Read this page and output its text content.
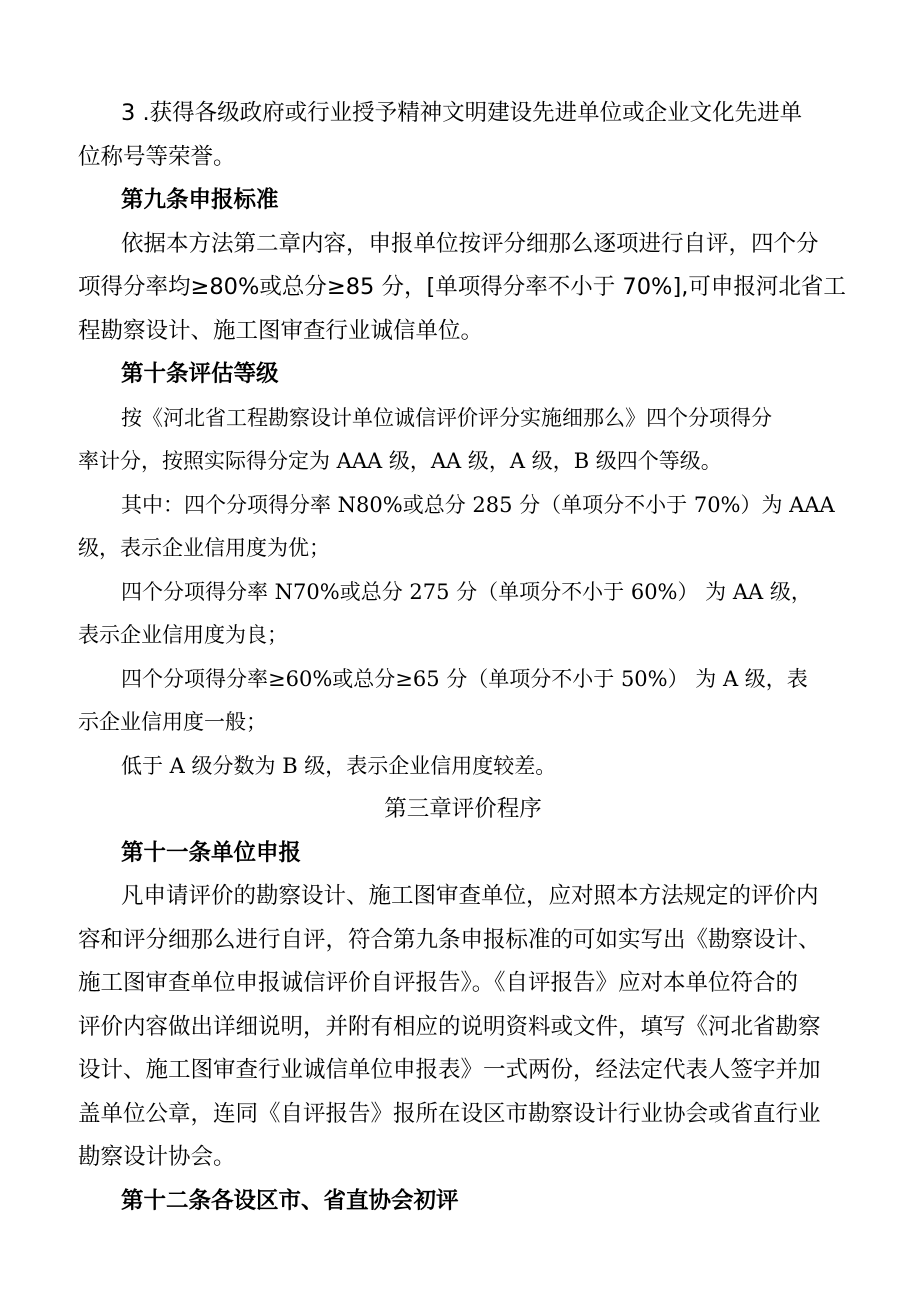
3 .获得各级政府或行业授予精神文明建设先进单位或企业文化先进单
位称号等荣誉。
第九条申报标准
依据本方法第二章内容，申报单位按评分细那么逐项进行自评，四个分
项得分率均≥80%或总分≥85 分，[单项得分率不小于 70%],可申报河北省工
程勘察设计、施工图审查行业诚信单位。
第十条评估等级
按《河北省工程勘察设计单位诚信评价评分实施细那么》四个分项得分
率计分，按照实际得分定为 AAA 级，AA 级，A 级，B 级四个等级。
其中：四个分项得分率 N80%或总分 285 分（单项分不小于 70%）为 AAA
级，表示企业信用度为优；
四个分项得分率 N70%或总分 275 分（单项分不小于 60%） 为 AA 级，
表示企业信用度为良；
四个分项得分率≥60%或总分≥65 分（单项分不小于 50%） 为 A 级，表
示企业信用度一般；
低于 A 级分数为 B 级，表示企业信用度较差。
第三章评价程序
第十一条单位申报
凡申请评价的勘察设计、施工图审查单位，应对照本方法规定的评价内
容和评分细那么进行自评，符合第九条申报标准的可如实写出《勘察设计、
施工图审查单位申报诚信评价自评报告》。《自评报告》应对本单位符合的
评价内容做出详细说明，并附有相应的说明资料或文件，填写《河北省勘察
设计、施工图审查行业诚信单位申报表》一式两份，经法定代表人签字并加
盖单位公章，连同《自评报告》报所在设区市勘察设计行业协会或省直行业
勘察设计协会。
第十二条各设区市、省直协会初评
